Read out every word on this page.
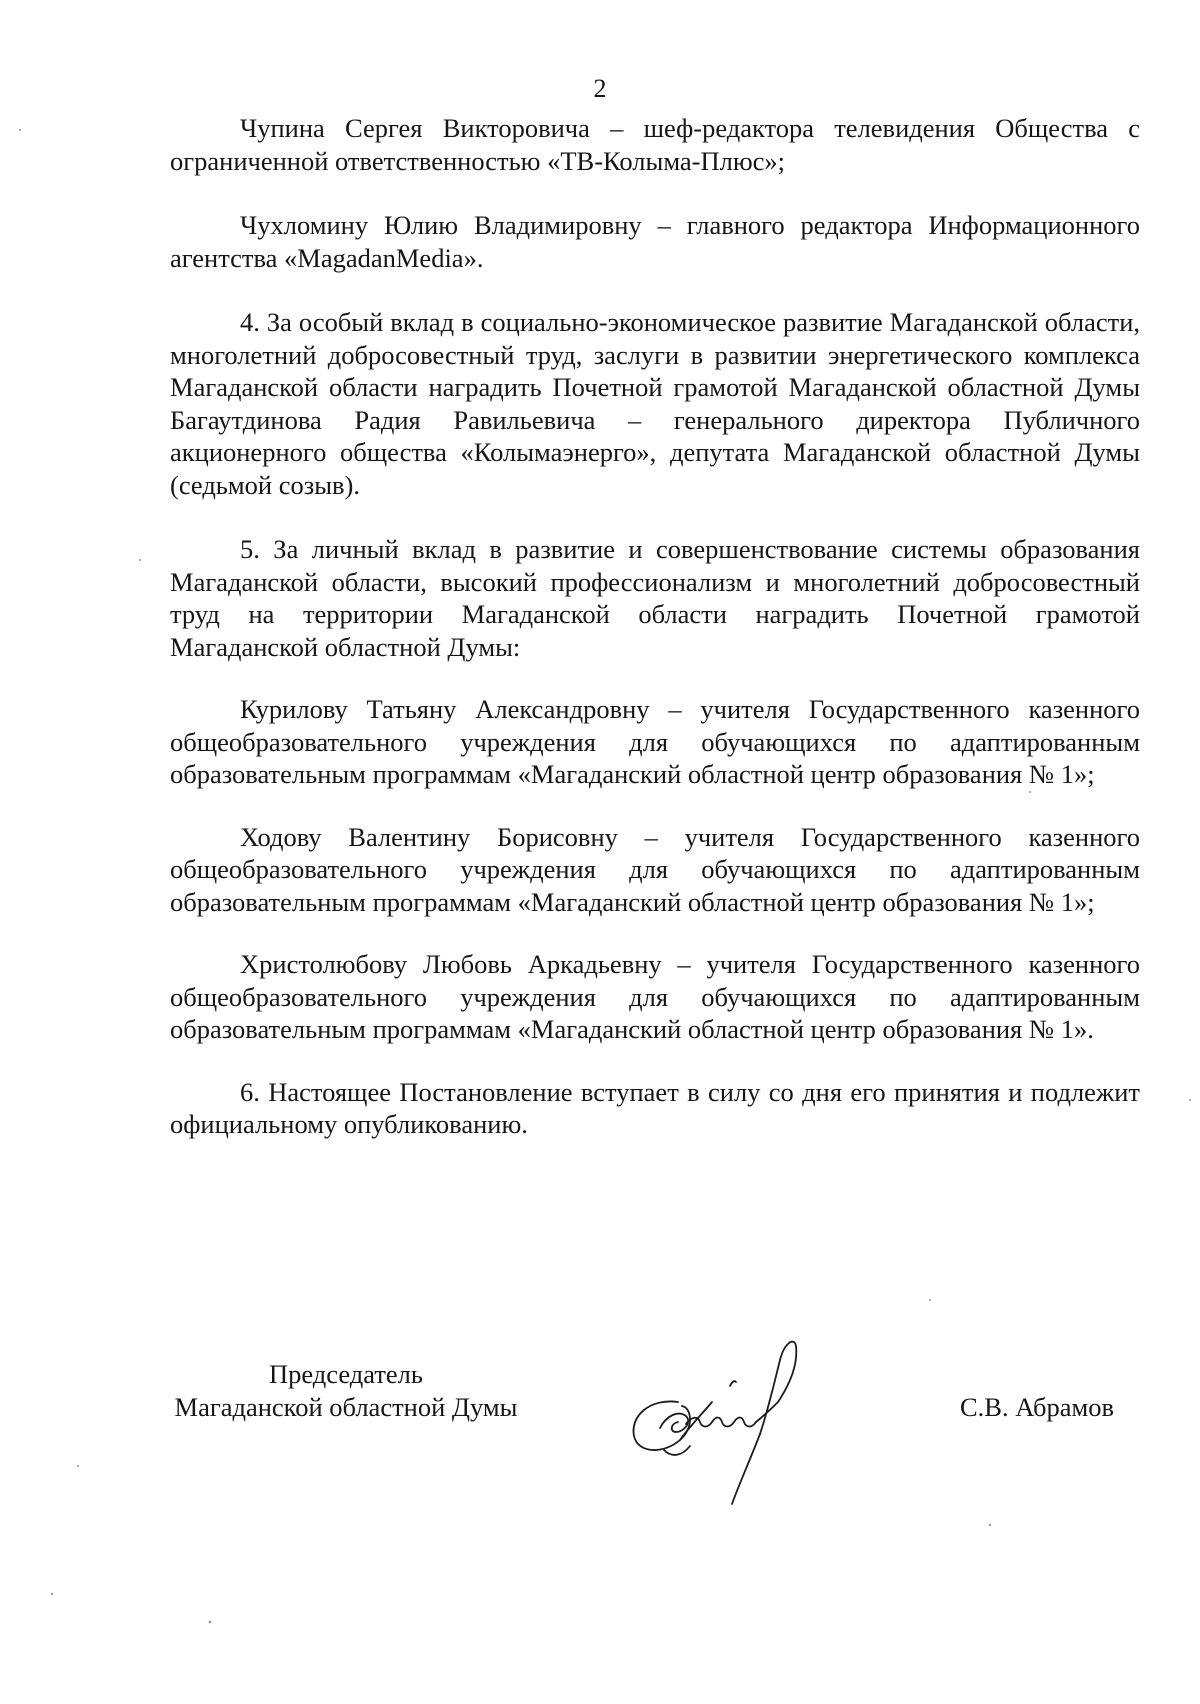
2

Чупина Сергея Викторовича – шеф-редактора телевидения Общества с ограниченной ответственностью «ТВ-Колыма-Плюс»;

Чухломину Юлию Владимировну – главного редактора Информационного агентства «MagadanMedia».

4. За особый вклад в социально-экономическое развитие Магаданской области, многолетний добросовестный труд, заслуги в развитии энергетического комплекса Магаданской области наградить Почетной грамотой Магаданской областной Думы Багаутдинова Радия Равильевича – генерального директора Публичного акционерного общества «Колымаэнерго», депутата Магаданской областной Думы (седьмой созыв).

5. За личный вклад в развитие и совершенствование системы образования Магаданской области, высокий профессионализм и многолетний добросовестный труд на территории Магаданской области наградить Почетной грамотой Магаданской областной Думы:

Курилову Татьяну Александровну – учителя Государственного казенного общеобразовательного учреждения для обучающихся по адаптированным образовательным программам «Магаданский областной центр образования № 1»;

Ходову Валентину Борисовну – учителя Государственного казенного общеобразовательного учреждения для обучающихся по адаптированным образовательным программам «Магаданский областной центр образования № 1»;

Христолюбову Любовь Аркадьевну – учителя Государственного казенного общеобразовательного учреждения для обучающихся по адаптированным образовательным программам «Магаданский областной центр образования № 1».

6. Настоящее Постановление вступает в силу со дня его принятия и подлежит официальному опубликованию.

Председатель
Магаданской областной Думы	С.В. Абрамов
